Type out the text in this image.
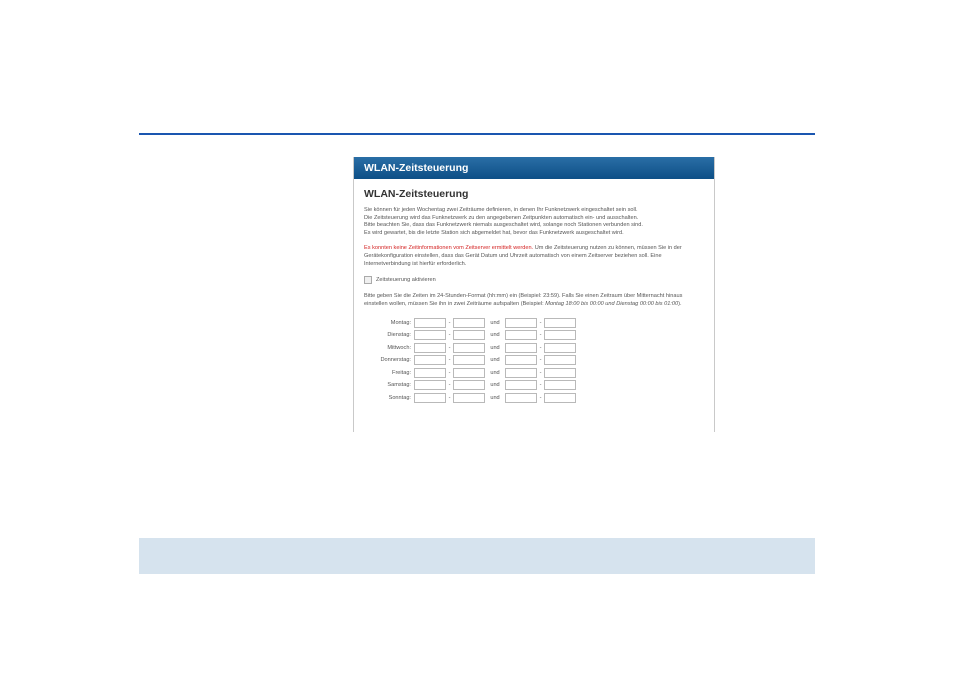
WLAN-Zeitsteuerung
WLAN-Zeitsteuerung

Sie können für jeden Wochentag zwei Zeiträume definieren, in denen Ihr Funknetzwerk eingeschaltet sein soll.
Die Zeitsteuerung wird das Funknetzwerk zu den angegebenen Zeitpunkten automatisch ein- und ausschalten.
Bitte beachten Sie, dass das Funknetzwerk niemals ausgeschaltet wird, solange noch Stationen verbunden sind.
Es wird gewartet, bis die letzte Station sich abgemeldet hat, bevor das Funknetzwerk ausgeschaltet wird.

Es konnten keine Zeitinformationen vom Zeitserver ermittelt werden. Um die Zeitsteuerung nutzen zu können, müssen Sie in der Gerätekonfiguration einstellen, dass das Gerät Datum und Uhrzeit automatisch von einem Zeitserver beziehen soll. Eine Internetverbindung ist hierfür erforderlich.

Zeitsteuerung aktivieren

Bitte geben Sie die Zeiten im 24-Stunden-Format (hh:mm) ein (Beispiel: 23:59). Falls Sie einen Zeitraum über Mitternacht hinaus einstellen wollen, müssen Sie ihn in zwei Zeiträume aufspalten (Beispiel: Montag 18:00 bis 00:00 und Dienstag 00:00 bis 01:00).

Montag:	-	und	-
Dienstag:	-	und	-
Mittwoch:	-	und	-
Donnerstag:	-	und	-
Freitag:	-	und	-
Samstag:	-	und	-
Sonntag:	-	und	-
